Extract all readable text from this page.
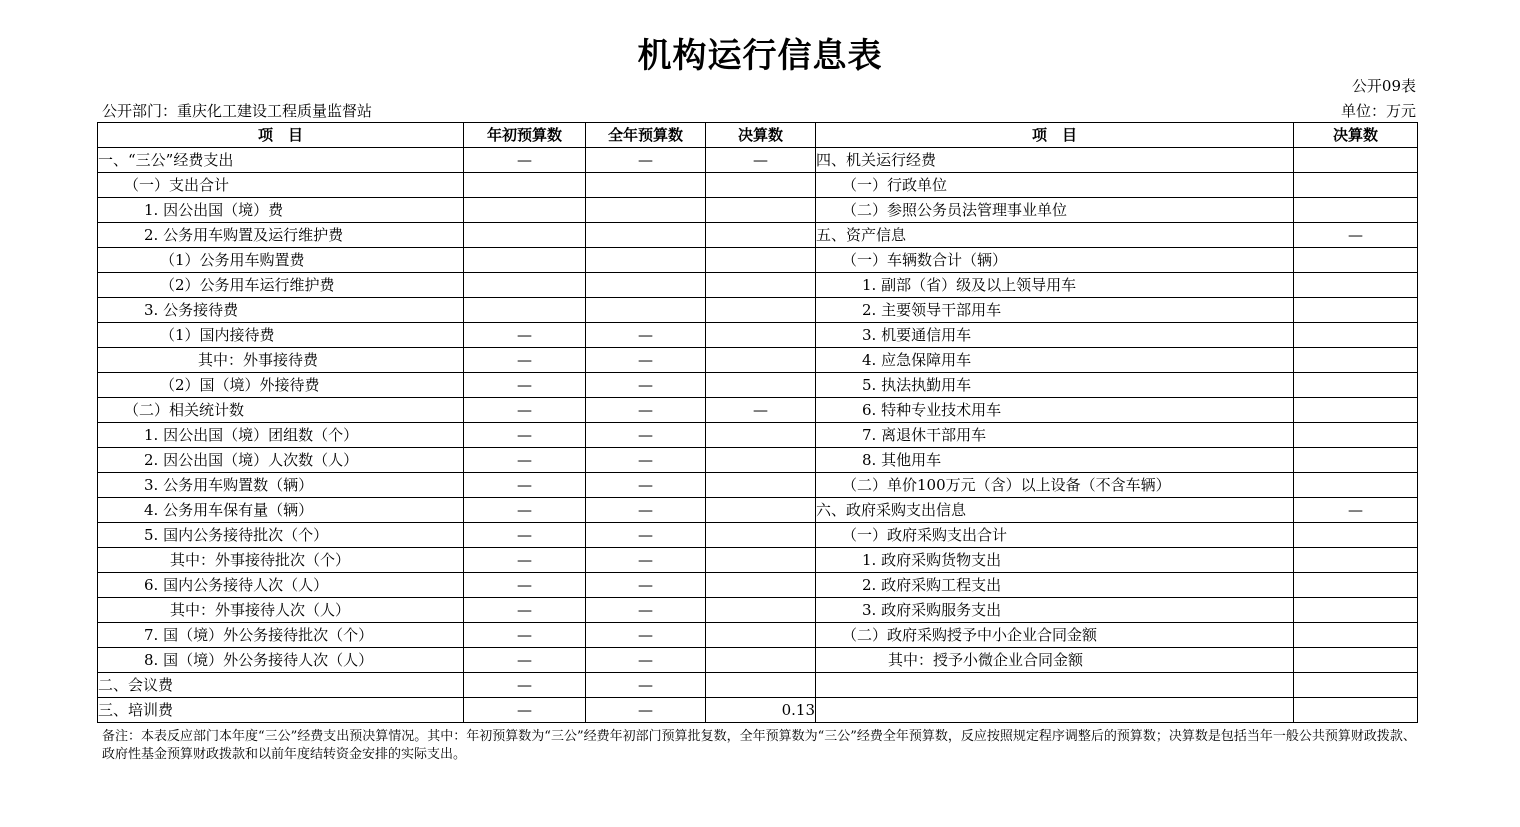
机构运行信息表
公开09表
公开部门：重庆化工建设工程质量监督站	单位：万元
项　目	年初预算数	全年预算数	决算数	项　目	决算数
一、“三公”经费支出	—	—	—	四、机关运行经费	
（一）支出合计				（一）行政单位	
1. 因公出国（境）费				（二）参照公务员法管理事业单位	
2. 公务用车购置及运行维护费				五、资产信息	—
（1）公务用车购置费				（一）车辆数合计（辆）	
（2）公务用车运行维护费				1. 副部（省）级及以上领导用车	
3. 公务接待费				2. 主要领导干部用车	
（1）国内接待费	—	—		3. 机要通信用车	
其中：外事接待费	—	—		4. 应急保障用车	
（2）国（境）外接待费	—	—		5. 执法执勤用车	
（二）相关统计数	—	—	—	6. 特种专业技术用车	
1. 因公出国（境）团组数（个）	—	—		7. 离退休干部用车	
2. 因公出国（境）人次数（人）	—	—		8. 其他用车	
3. 公务用车购置数（辆）	—	—		（二）单价100万元（含）以上设备（不含车辆）	
4. 公务用车保有量（辆）	—	—		六、政府采购支出信息	—
5. 国内公务接待批次（个）	—	—		（一）政府采购支出合计	
其中：外事接待批次（个）	—	—		1. 政府采购货物支出	
6. 国内公务接待人次（人）	—	—		2. 政府采购工程支出	
其中：外事接待人次（人）	—	—		3. 政府采购服务支出	
7. 国（境）外公务接待批次（个）	—	—		（二）政府采购授予中小企业合同金额	
8. 国（境）外公务接待人次（人）	—	—		其中：授予小微企业合同金额	
二、会议费	—	—			
三、培训费	—	—	0.13		
备注：本表反应部门本年度“三公”经费支出预决算情况。其中：年初预算数为“三公”经费年初部门预算批复数，全年预算数为“三公”经费全年预算数，反应按照规定程序调整后的预算数；决算数是包括当年一般公共预算财政拨款、政府性基金预算财政拨款和以前年度结转资金安排的实际支出。
